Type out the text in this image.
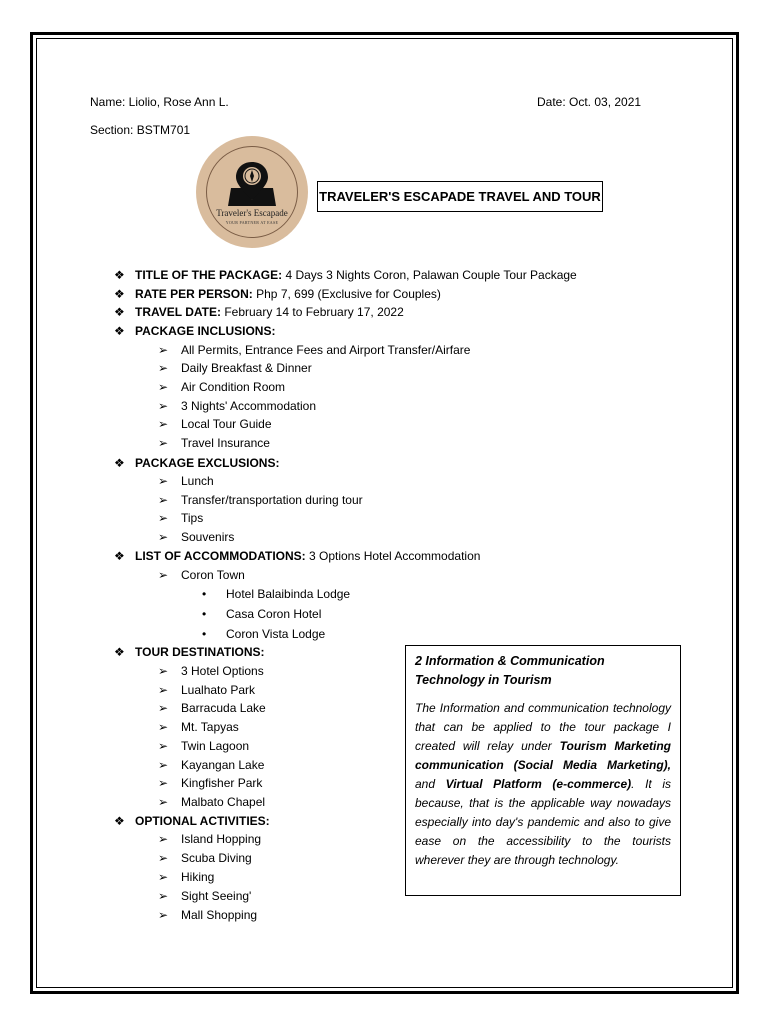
Name: Liolio, Rose Ann L.	Date: Oct. 03, 2021
Section: BSTM701
Traveler's Escapade
YOUR PARTNER AT EASE
TRAVELER'S ESCAPADE TRAVEL AND TOUR
❖ TITLE OF THE PACKAGE: 4 Days 3 Nights Coron, Palawan Couple Tour Package
❖ RATE PER PERSON: Php 7, 699 (Exclusive for Couples)
❖ TRAVEL DATE: February 14 to February 17, 2022
❖ PACKAGE INCLUSIONS:
➢ All Permits, Entrance Fees and Airport Transfer/Airfare
➢ Daily Breakfast & Dinner
➢ Air Condition Room
➢ 3 Nights' Accommodation
➢ Local Tour Guide
➢ Travel Insurance
❖ PACKAGE EXCLUSIONS:
➢ Lunch
➢ Transfer/transportation during tour
➢ Tips
➢ Souvenirs
❖ LIST OF ACCOMMODATIONS: 3 Options Hotel Accommodation
➢ Coron Town
• Hotel Balaibinda Lodge
• Casa Coron Hotel
• Coron Vista Lodge
❖ TOUR DESTINATIONS:
➢ 3 Hotel Options
➢ Lualhato Park
➢ Barracuda Lake
➢ Mt. Tapyas
➢ Twin Lagoon
➢ Kayangan Lake
➢ Kingfisher Park
➢ Malbato Chapel
❖ OPTIONAL ACTIVITIES:
➢ Island Hopping
➢ Scuba Diving
➢ Hiking
➢ Sight Seeing'
➢ Mall Shopping
2 Information & Communication Technology in Tourism
The Information and communication technology that can be applied to the tour package I created will relay under Tourism Marketing communication (Social Media Marketing), and Virtual Platform (e-commerce). It is because, that is the applicable way nowadays especially into day's pandemic and also to give ease on the accessibility to the tourists wherever they are through technology.
